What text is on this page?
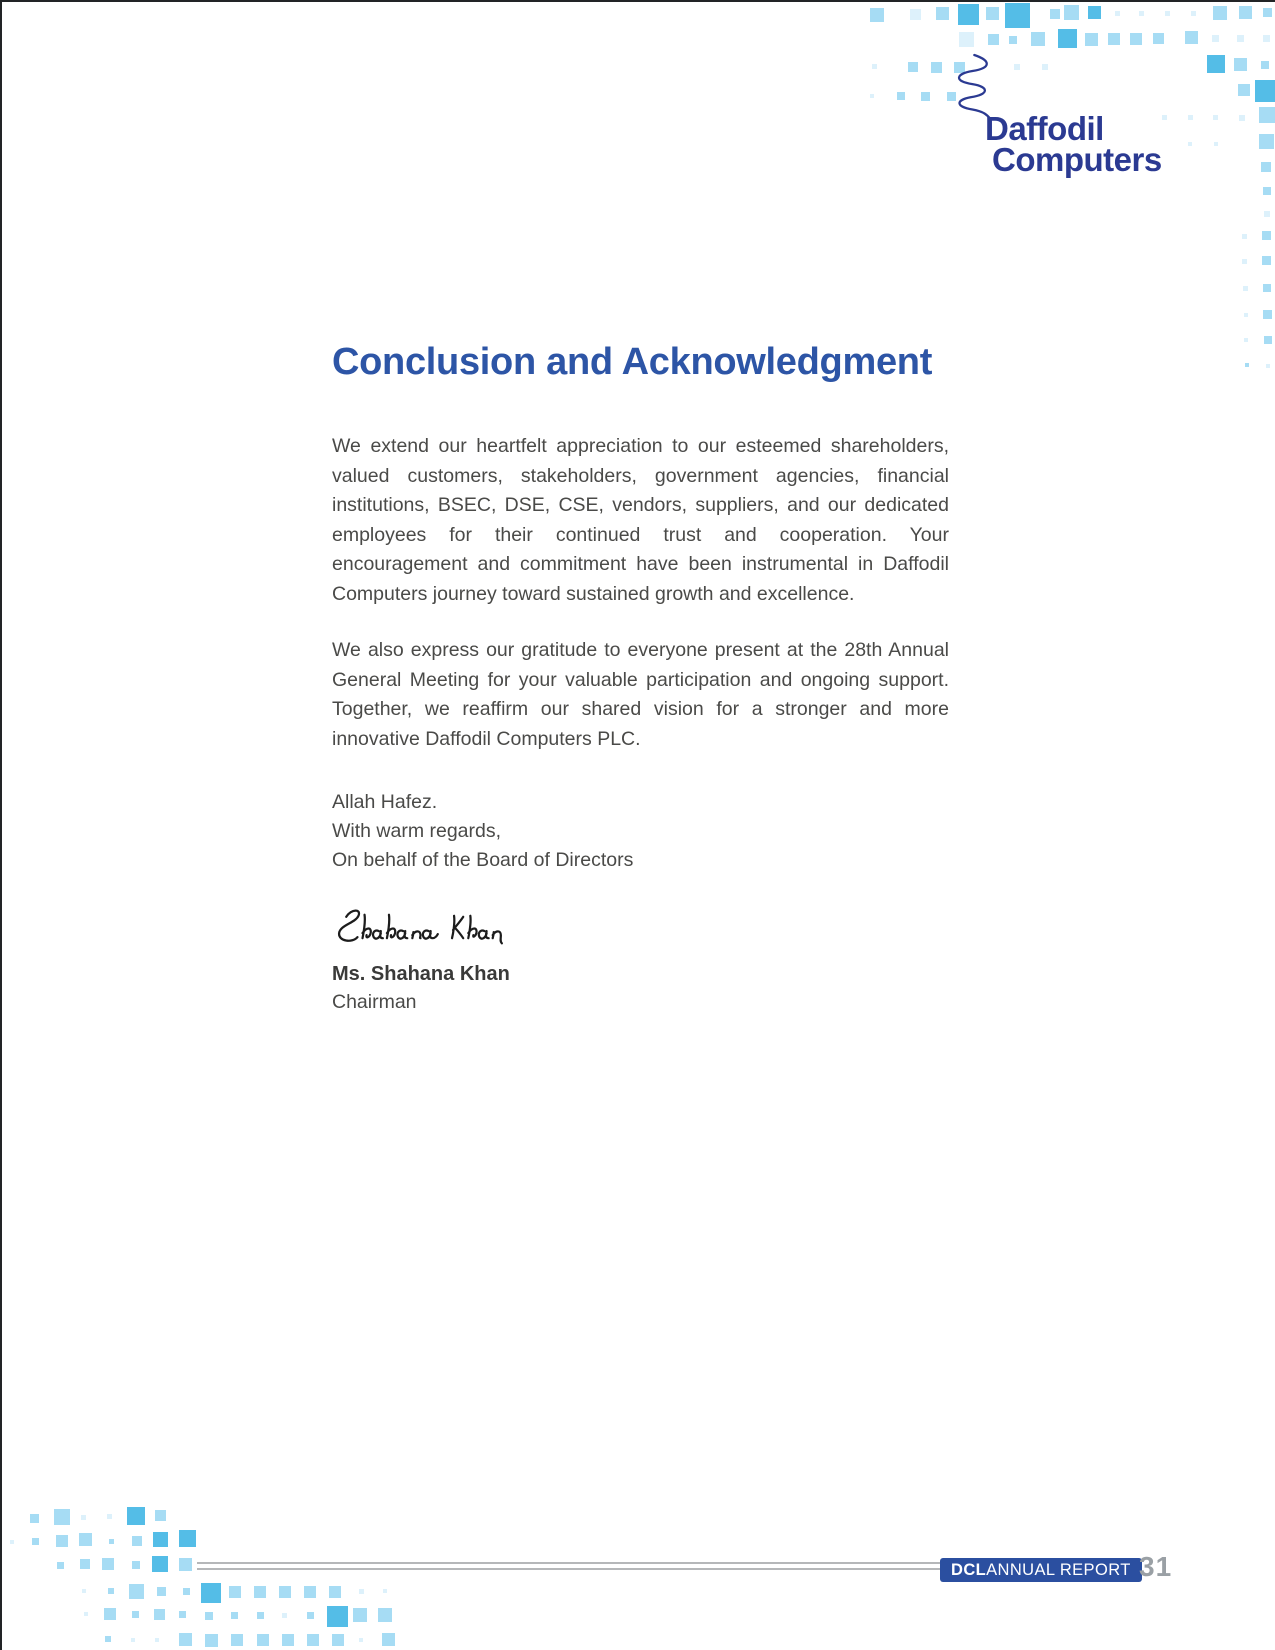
Daffodil
Computers
Conclusion and Acknowledgment

We extend our heartfelt appreciation to our esteemed shareholders, valued customers, stakeholders, government agencies, financial institutions, BSEC, DSE, CSE, vendors, suppliers, and our dedicated employees for their continued trust and cooperation. Your encouragement and commitment have been instrumental in Daffodil Computers journey toward sustained growth and excellence.

We also express our gratitude to everyone present at the 28th Annual General Meeting for your valuable participation and ongoing support. Together, we reaffirm our shared vision for a stronger and more innovative Daffodil Computers PLC.

Allah Hafez.
With warm regards,
On behalf of the Board of Directors
Ms. Shahana Khan
Chairman
DCL ANNUAL REPORT 31
